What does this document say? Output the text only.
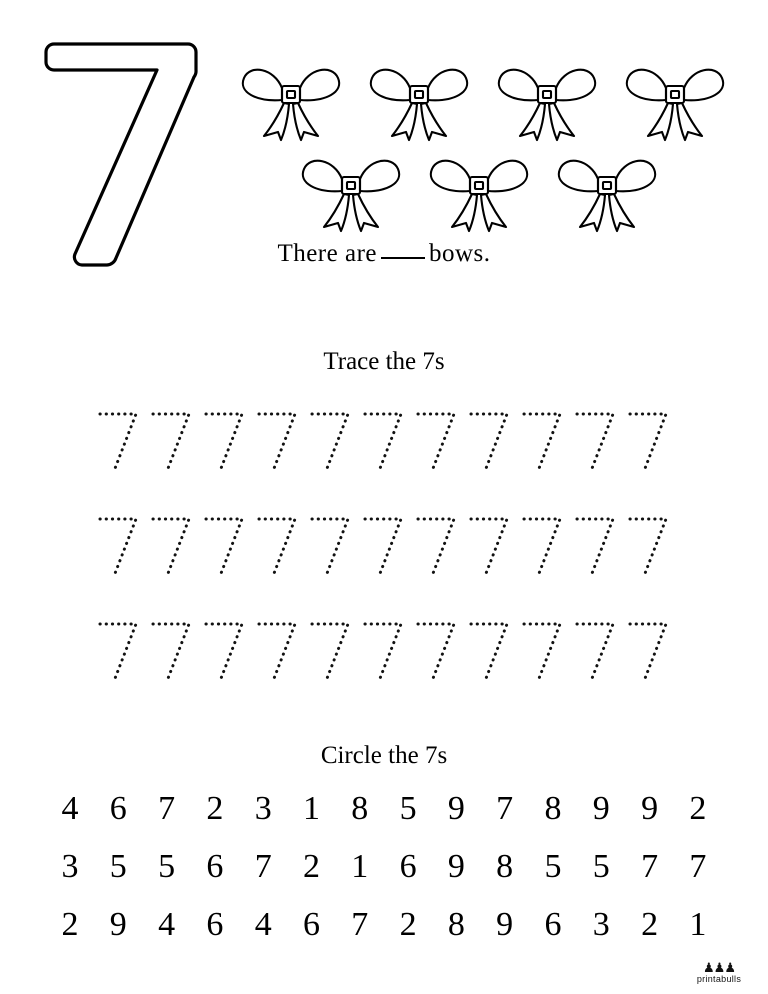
There are bows.
Trace the 7s
Circle the 7s
4 6 7 2 3 1 8 5 9 7 8 9 9 2
3 5 5 6 7 2 1 6 9 8 5 5 7 7
2 9 4 6 4 6 7 2 8 9 6 3 2 1
♟♟♟
printabulls
